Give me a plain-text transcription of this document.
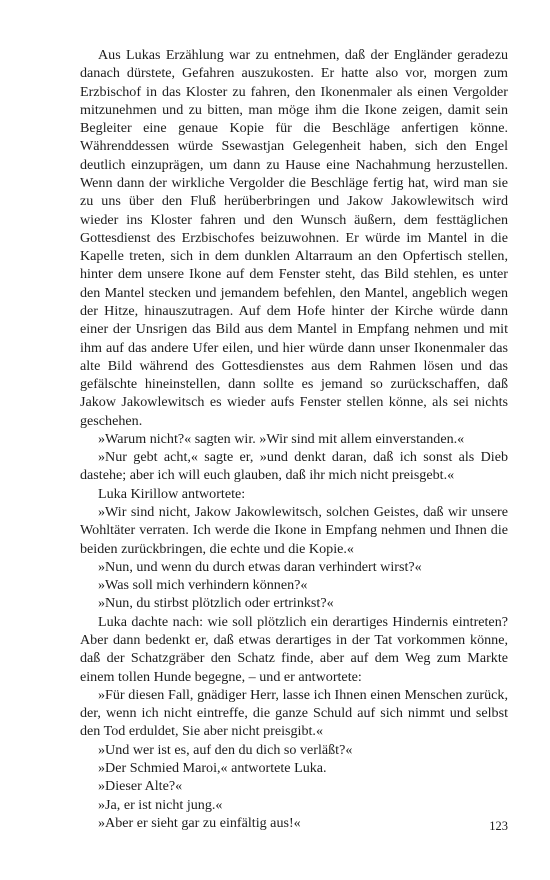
Aus Lukas Erzählung war zu entnehmen, daß der Engländer geradezu danach dürstete, Gefahren auszukosten. Er hatte also vor, morgen zum Erzbischof in das Kloster zu fahren, den Ikonenmaler als einen Vergolder mitzunehmen und zu bitten, man möge ihm die Ikone zeigen, damit sein Begleiter eine genaue Kopie für die Beschläge anfertigen könne. Währenddessen würde Ssewastjan Gelegenheit haben, sich den Engel deutlich einzuprägen, um dann zu Hause eine Nachahmung herzustellen. Wenn dann der wirkliche Vergolder die Beschläge fertig hat, wird man sie zu uns über den Fluß herüberbringen und Jakow Jakowlewitsch wird wieder ins Kloster fahren und den Wunsch äußern, dem festtäglichen Gottesdienst des Erzbischofes beizuwohnen. Er würde im Mantel in die Kapelle treten, sich in dem dunklen Altarraum an den Opfertisch stellen, hinter dem unsere Ikone auf dem Fenster steht, das Bild stehlen, es unter den Mantel stecken und jemandem befehlen, den Mantel, angeblich wegen der Hitze, hinauszutragen. Auf dem Hofe hinter der Kirche würde dann einer der Unsrigen das Bild aus dem Mantel in Empfang nehmen und mit ihm auf das andere Ufer eilen, und hier würde dann unser Ikonenmaler das alte Bild während des Gottesdienstes aus dem Rahmen lösen und das gefälschte hineinstellen, dann sollte es jemand so zurückschaffen, daß Jakow Jakowlewitsch es wieder aufs Fenster stellen könne, als sei nichts geschehen.

»Warum nicht?« sagten wir. »Wir sind mit allem einverstanden.«

»Nur gebt acht,« sagte er, »und denkt daran, daß ich sonst als Dieb dastehe; aber ich will euch glauben, daß ihr mich nicht preisgebt.«

Luka Kirillow antwortete:

»Wir sind nicht, Jakow Jakowlewitsch, solchen Geistes, daß wir unsere Wohltäter verraten. Ich werde die Ikone in Empfang nehmen und Ihnen die beiden zurückbringen, die echte und die Kopie.«

»Nun, und wenn du durch etwas daran verhindert wirst?«

»Was soll mich verhindern können?«

»Nun, du stirbst plötzlich oder ertrinkst?«

Luka dachte nach: wie soll plötzlich ein derartiges Hindernis eintreten? Aber dann bedenkt er, daß etwas derartiges in der Tat vorkommen könne, daß der Schatzgräber den Schatz finde, aber auf dem Weg zum Markte einem tollen Hunde begegne, – und er antwortete:

»Für diesen Fall, gnädiger Herr, lasse ich Ihnen einen Menschen zurück, der, wenn ich nicht eintreffe, die ganze Schuld auf sich nimmt und selbst den Tod erduldet, Sie aber nicht preisgibt.«

»Und wer ist es, auf den du dich so verläßt?«

»Der Schmied Maroi,« antwortete Luka.

»Dieser Alte?«

»Ja, er ist nicht jung.«

»Aber er sieht gar zu einfältig aus!«	123
